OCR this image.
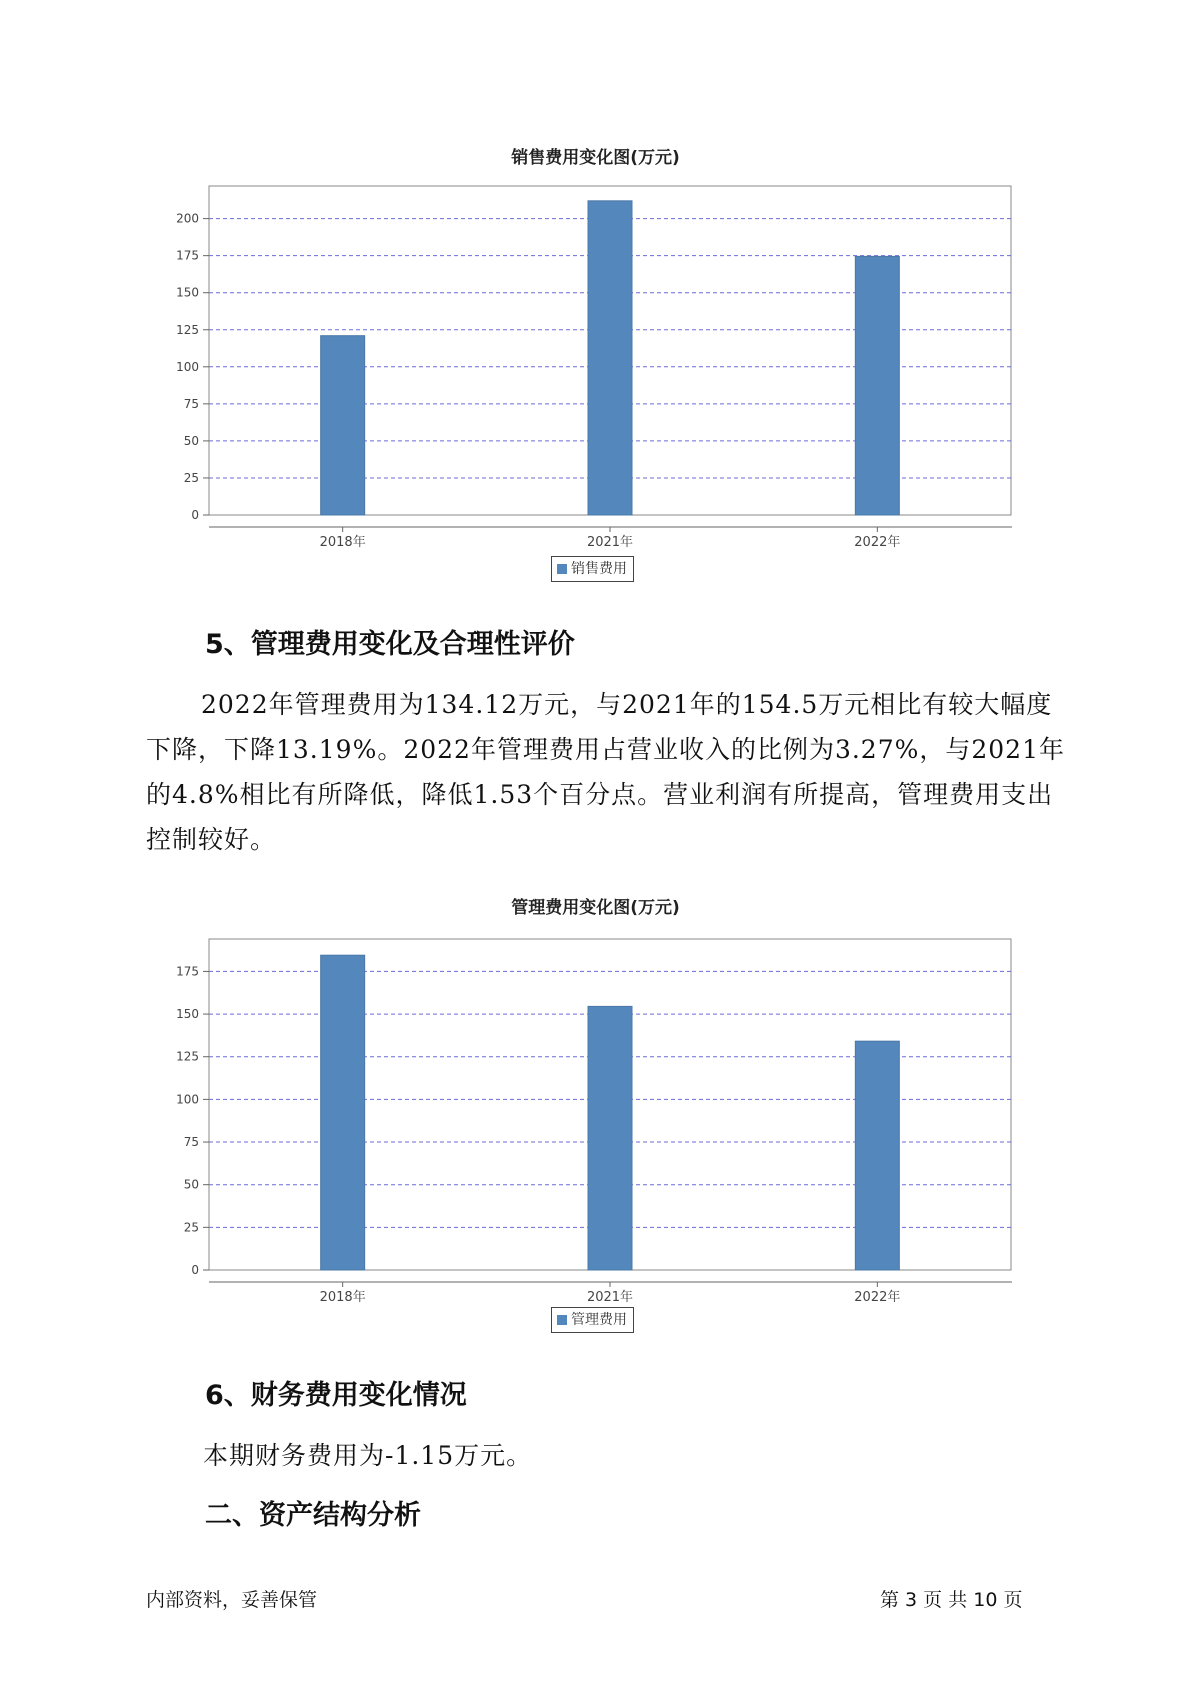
销售费用变化图(万元)
0
25
50
75
100
125
150
175
200
2018年	2021年	2022年
销售费用
5、管理费用变化及合理性评价
2022年管理费用为134.12万元，与2021年的154.5万元相比有较大幅度下降，下降13.19%。2022年管理费用占营业收入的比例为3.27%，与2021年的4.8%相比有所降低，降低1.53个百分点。营业利润有所提高，管理费用支出控制较好。
管理费用变化图(万元)
0
25
50
75
100
125
150
175
2018年	2021年	2022年
管理费用
6、财务费用变化情况
本期财务费用为-1.15万元。
二、资产结构分析
内部资料，妥善保管	第 3 页 共 10 页
